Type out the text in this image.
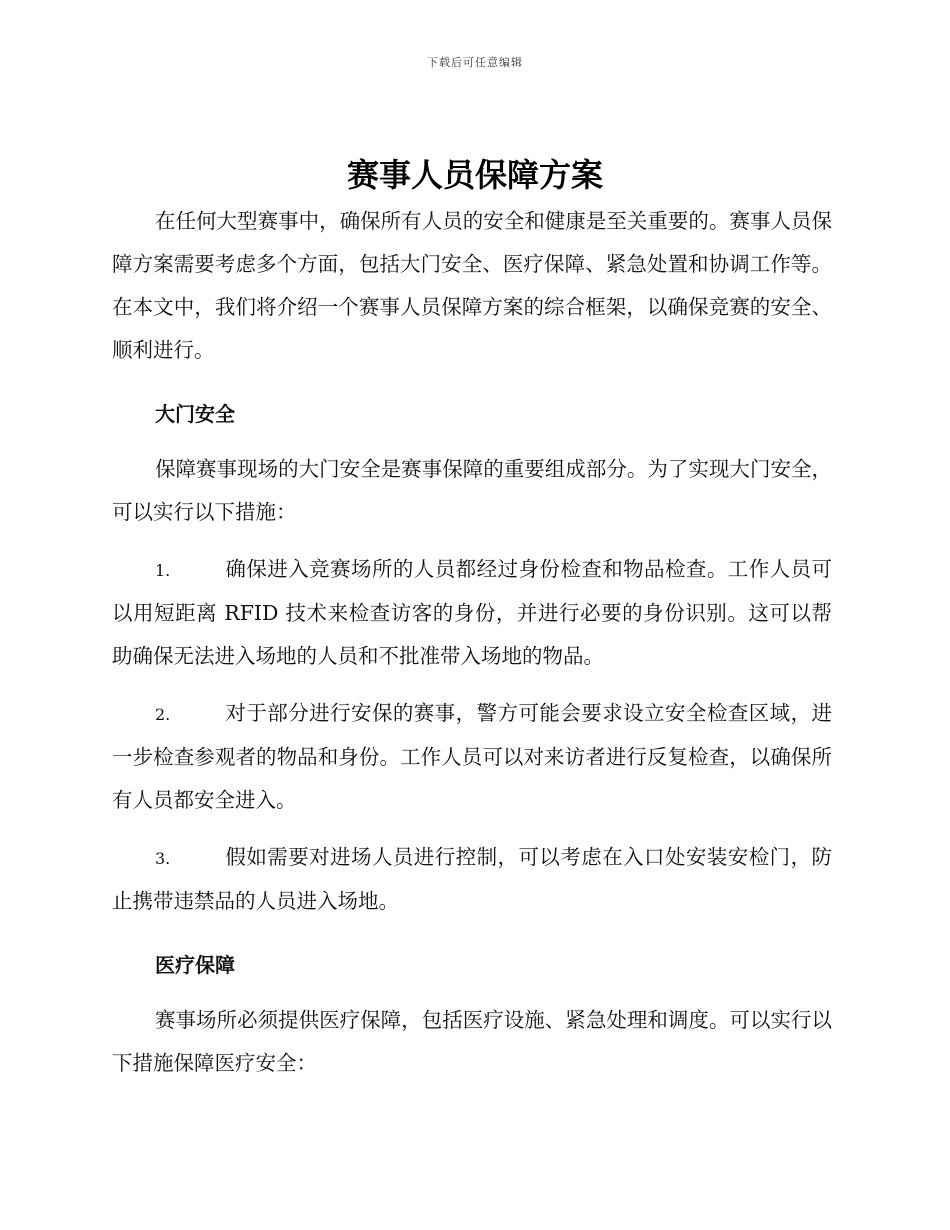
下载后可任意编辑
赛事人员保障方案

在任何大型赛事中，确保所有人员的安全和健康是至关重要的。赛事人员保障方案需要考虑多个方面，包括大门安全、医疗保障、紧急处置和协调工作等。在本文中，我们将介绍一个赛事人员保障方案的综合框架，以确保竞赛的安全、顺利进行。

大门安全

保障赛事现场的大门安全是赛事保障的重要组成部分。为了实现大门安全，可以实行以下措施：

1.	确保进入竞赛场所的人员都经过身份检查和物品检查。工作人员可以用短距离 RFID 技术来检查访客的身份，并进行必要的身份识别。这可以帮助确保无法进入场地的人员和不批准带入场地的物品。
2.	对于部分进行安保的赛事，警方可能会要求设立安全检查区域，进一步检查参观者的物品和身份。工作人员可以对来访者进行反复检查，以确保所有人员都安全进入。
3.	假如需要对进场人员进行控制，可以考虑在入口处安装安检门，防止携带违禁品的人员进入场地。
医疗保障

赛事场所必须提供医疗保障，包括医疗设施、紧急处理和调度。可以实行以下措施保障医疗安全：
